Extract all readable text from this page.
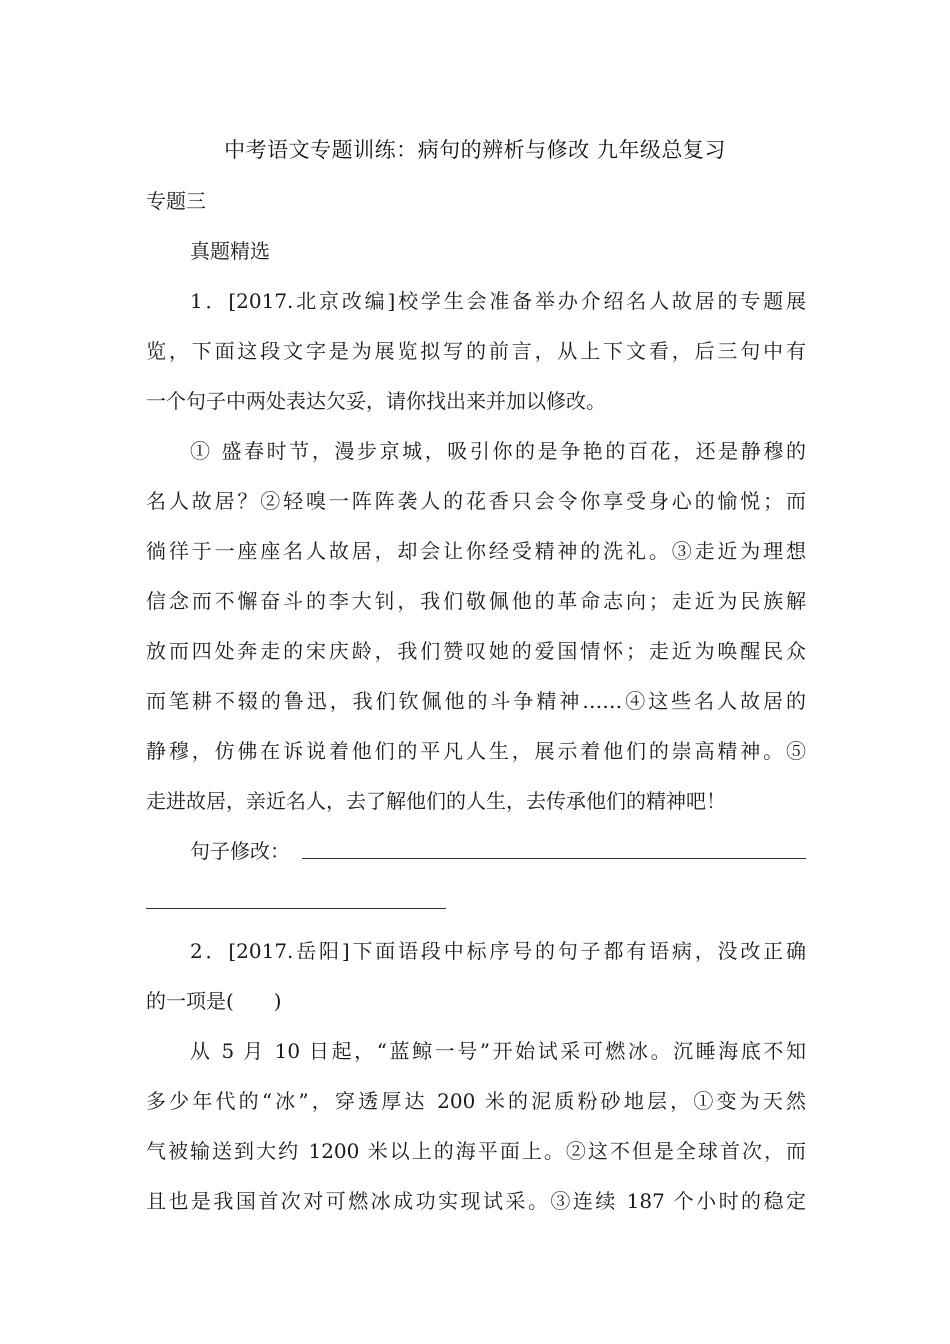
中考语文专题训练：病句的辨析与修改 九年级总复习
专题三
真题精选
1．[2017.北京改编]校学生会准备举办介绍名人故居的专题展
览，下面这段文字是为展览拟写的前言，从上下文看，后三句中有
一个句子中两处表达欠妥，请你找出来并加以修改。
① 盛春时节，漫步京城，吸引你的是争艳的百花，还是静穆的
名人故居？②轻嗅一阵阵袭人的花香只会令你享受身心的愉悦；而
徜徉于一座座名人故居，却会让你经受精神的洗礼。③走近为理想
信念而不懈奋斗的李大钊，我们敬佩他的革命志向；走近为民族解
放而四处奔走的宋庆龄，我们赞叹她的爱国情怀；走近为唤醒民众
而笔耕不辍的鲁迅，我们钦佩他的斗争精神……④这些名人故居的
静穆，仿佛在诉说着他们的平凡人生，展示着他们的崇高精神。⑤
走进故居，亲近名人，去了解他们的人生，去传承他们的精神吧！
句子修改：
2．[2017.岳阳]下面语段中标序号的句子都有语病，没改正确
的一项是(　　)
从 5 月 10 日起，“蓝鲸一号”开始试采可燃冰。沉睡海底不知
多少年代的“冰”，穿透厚达 200 米的泥质粉砂地层，①变为天然
气被输送到大约 1200 米以上的海平面上。②这不但是全球首次，而
且也是我国首次对可燃冰成功实现试采。③连续 187 个小时的稳定
